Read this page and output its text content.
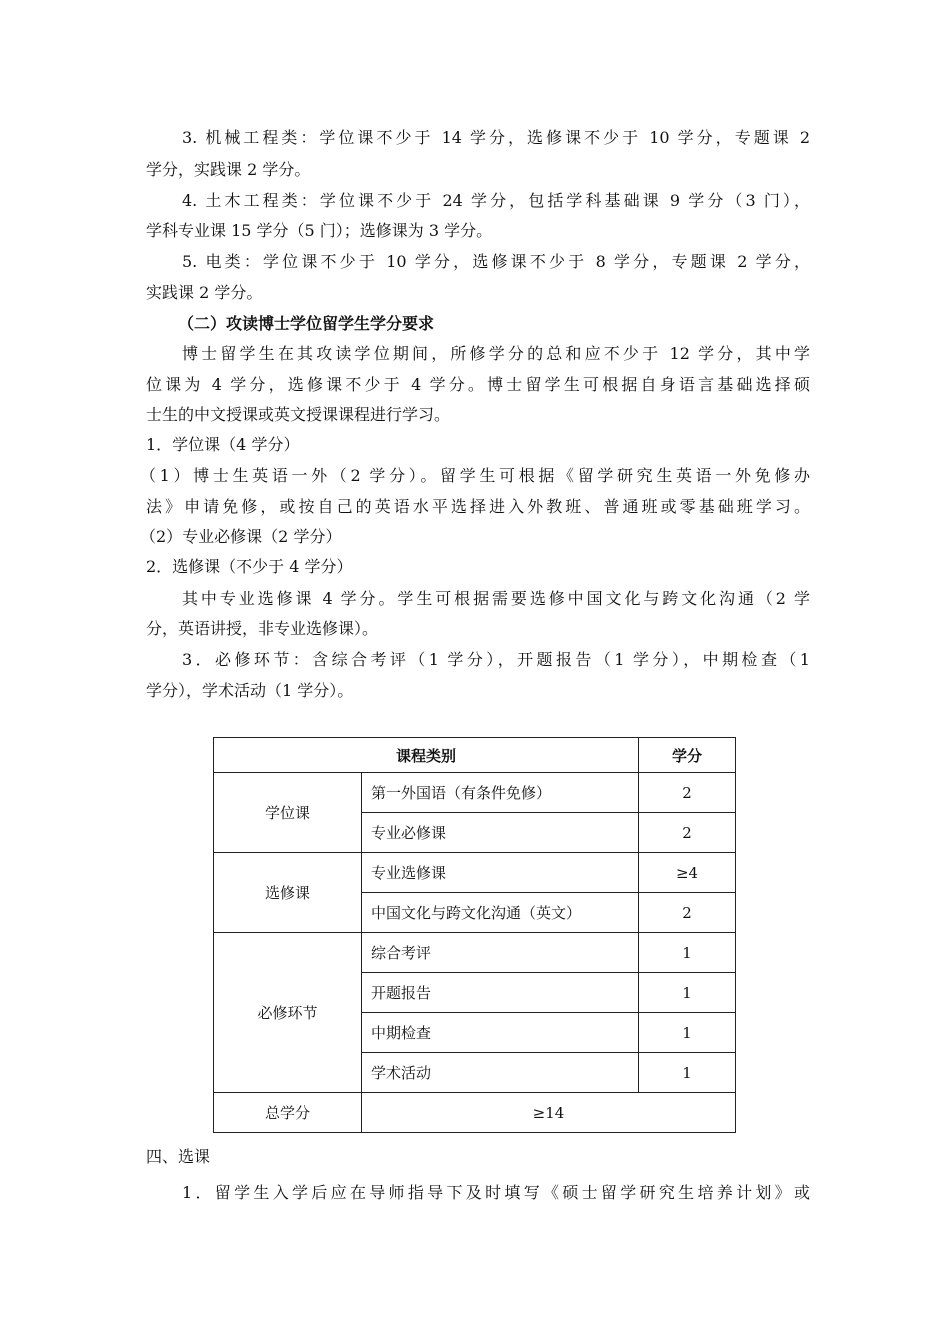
3. 机械工程类：学位课不少于 14 学分，选修课不少于 10 学分，专题课 2
学分，实践课 2 学分。
4. 土木工程类：学位课不少于 24 学分，包括学科基础课 9 学分（3 门），
学科专业课 15 学分（5 门）；选修课为 3 学分。
5. 电类：学位课不少于 10 学分，选修课不少于 8 学分，专题课 2 学分，
实践课 2 学分。
（二）攻读博士学位留学生学分要求
博士留学生在其攻读学位期间，所修学分的总和应不少于 12 学分，其中学
位课为 4 学分，选修课不少于 4 学分。博士留学生可根据自身语言基础选择硕
士生的中文授课或英文授课课程进行学习。
1．学位课（4 学分）
（1）博士生英语一外（2 学分）。留学生可根据《留学研究生英语一外免修办
法》申请免修，或按自己的英语水平选择进入外教班、普通班或零基础班学习。
（2）专业必修课（2 学分）
2．选修课（不少于 4 学分）
其中专业选修课 4 学分。学生可根据需要选修中国文化与跨文化沟通（2 学
分，英语讲授，非专业选修课）。
3．必修环节：含综合考评（1 学分），开题报告（1 学分），中期检查（1
学分），学术活动（1 学分）。
课程类别		学分
学位课	第一外国语（有条件免修）	2
	专业必修课	2
选修课	专业选修课	≥4
	中国文化与跨文化沟通（英文）	2
必修环节	综合考评	1
	开题报告	1
	中期检查	1
	学术活动	1
总学分	≥14	
四、选课
1．留学生入学后应在导师指导下及时填写《硕士留学研究生培养计划》或
